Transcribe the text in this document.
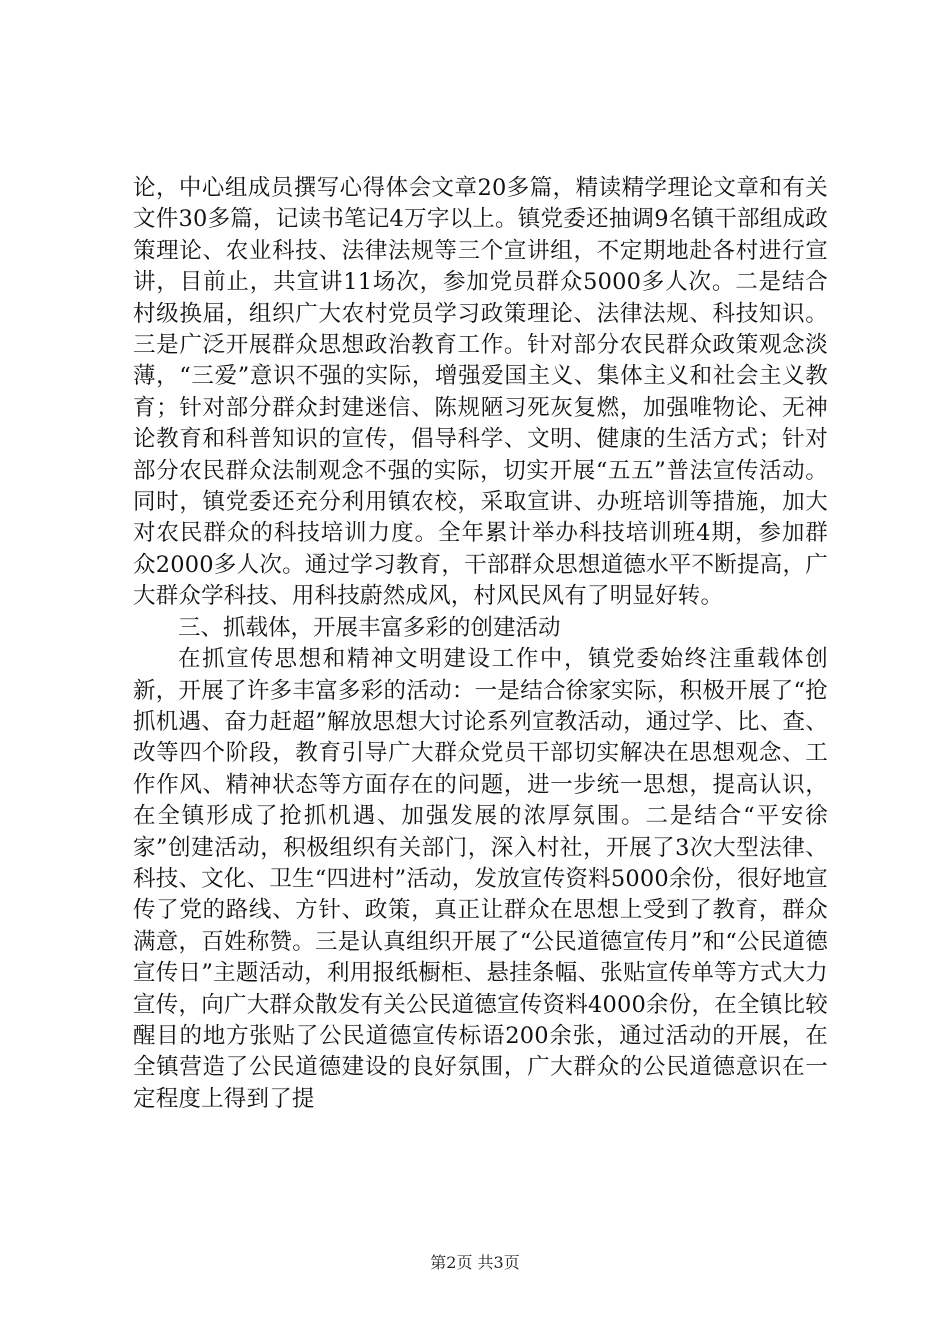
论，中心组成员撰写心得体会文章20多篇，精读精学理论文章和有关文件30多篇，记读书笔记4万字以上。镇党委还抽调9名镇干部组成政策理论、农业科技、法律法规等三个宣讲组，不定期地赴各村进行宣讲，目前止，共宣讲11场次，参加党员群众5000多人次。二是结合村级换届，组织广大农村党员学习政策理论、法律法规、科技知识。三是广泛开展群众思想政治教育工作。针对部分农民群众政策观念淡薄，“三爱”意识不强的实际，增强爱国主义、集体主义和社会主义教育；针对部分群众封建迷信、陈规陋习死灰复燃，加强唯物论、无神论教育和科普知识的宣传，倡导科学、文明、健康的生活方式；针对部分农民群众法制观念不强的实际，切实开展“五五”普法宣传活动。同时，镇党委还充分利用镇农校，采取宣讲、办班培训等措施，加大对农民群众的科技培训力度。全年累计举办科技培训班4期，参加群众2000多人次。通过学习教育，干部群众思想道德水平不断提高，广大群众学科技、用科技蔚然成风，村风民风有了明显好转。

三、抓载体，开展丰富多彩的创建活动

在抓宣传思想和精神文明建设工作中，镇党委始终注重载体创新，开展了许多丰富多彩的活动：一是结合徐家实际，积极开展了“抢抓机遇、奋力赶超”解放思想大讨论系列宣教活动，通过学、比、查、改等四个阶段，教育引导广大群众党员干部切实解决在思想观念、工作作风、精神状态等方面存在的问题，进一步统一思想，提高认识，在全镇形成了抢抓机遇、加强发展的浓厚氛围。二是结合“平安徐家”创建活动，积极组织有关部门，深入村社，开展了3次大型法律、科技、文化、卫生“四进村”活动，发放宣传资料5000余份，很好地宣传了党的路线、方针、政策，真正让群众在思想上受到了教育，群众满意，百姓称赞。三是认真组织开展了“公民道德宣传月”和“公民道德宣传日”主题活动，利用报纸橱柜、悬挂条幅、张贴宣传单等方式大力宣传，向广大群众散发有关公民道德宣传资料4000余份，在全镇比较醒目的地方张贴了公民道德宣传标语200余张，通过活动的开展，在全镇营造了公民道德建设的良好氛围，广大群众的公民道德意识在一定程度上得到了提

第2页 共3页
